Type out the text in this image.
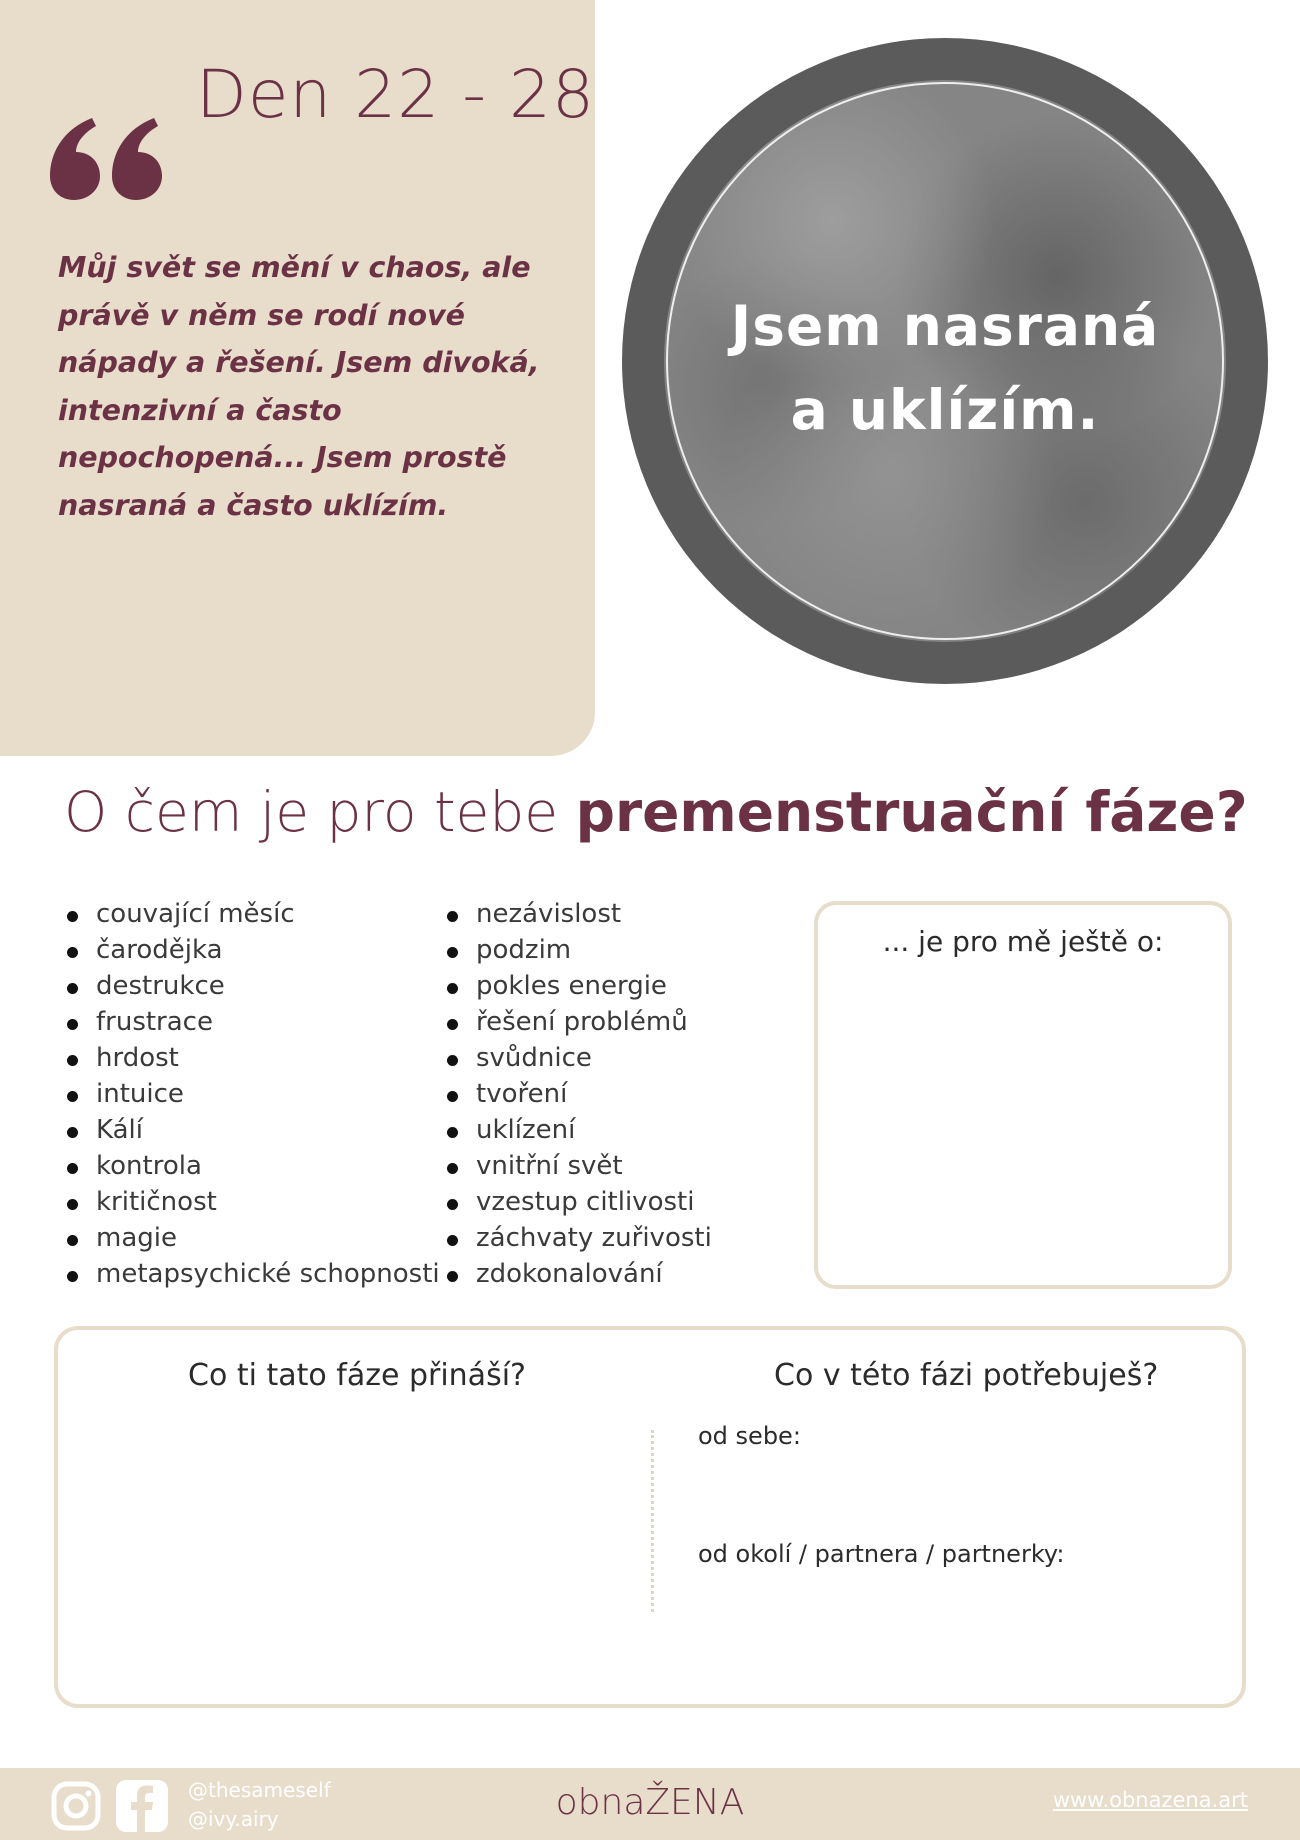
Den 22 - 28
Můj svět se mění v chaos, ale právě v něm se rodí nové nápady a řešení. Jsem divoká, intenzivní a často nepochopená... Jsem prostě nasraná a často uklízím.
Jsem nasraná
a uklízím.
O čem je pro tebe premenstruační fáze?
couvající měsíc
čarodějka
destrukce
frustrace
hrdost
intuice
Kálí
kontrola
kritičnost
magie
metapsychické schopnosti
nezávislost
podzim
pokles energie
řešení problémů
svůdnice
tvoření
uklízení
vnitřní svět
vzestup citlivosti
záchvaty zuřivosti
zdokonalování
... je pro mě ještě o:
Co ti tato fáze přináší?	Co v této fázi potřebuješ?
od sebe:
od okolí / partnera / partnerky:
@thesameself
@ivy.airy	obnaŽENA	www.obnazena.art
